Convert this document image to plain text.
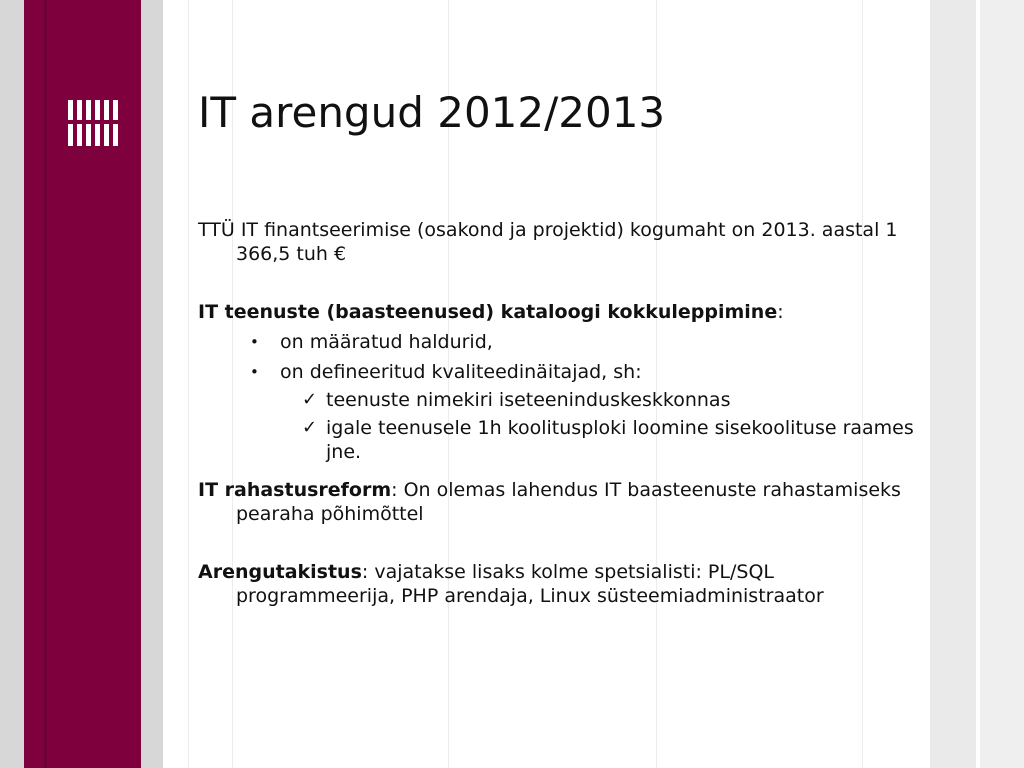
IT arengud 2012/2013

TTÜ IT finantseerimise (osakond ja projektid) kogumaht on 2013. aastal 1 366,5 tuh €

IT teenuste (baasteenused) kataloogi kokkuleppimine:

• on määratud haldurid,
• on defineeritud kvaliteedinäitajad, sh:
✓ teenuste nimekiri iseteeninduskeskkonnas
✓ igale teenusele 1h koolitusploki loomine sisekoolituse raames jne.

IT rahastusreform: On olemas lahendus IT baasteenuste rahastamiseks pearaha põhimõttel

Arengutakistus: vajatakse lisaks kolme spetsialisti: PL/SQL programmeerija, PHP arendaja, Linux süsteemiadministraator
